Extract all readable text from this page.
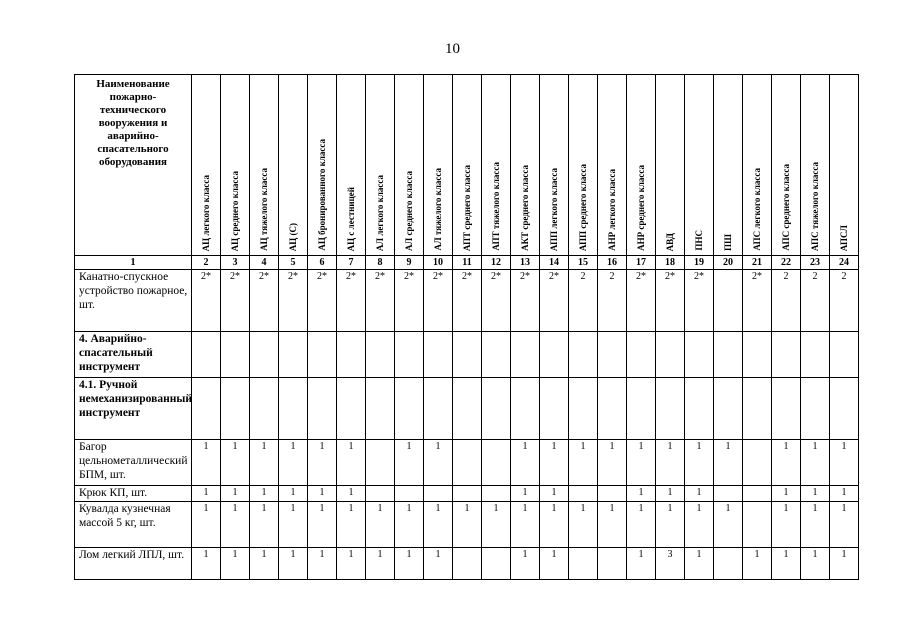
10
Наименование пожарно-технического вооружения и аварийно-спасательного оборудования	АЦ легкого класса	АЦ среднего класса	АЦ тяжелого класса	АЦ (С)	АЦ бронированного класса	АЦ с лестницей	АЛ легкого класса	АЛ среднего класса	АЛ тяжелого класса	АПТ среднего класса	АПТ тяжелого класса	АКТ среднего класса	АПП легкого класса	АПП среднего класса	АНР легкого класса	АНР среднего класса	АВД	ПНС	ПШ	АПС легкого класса	АПС среднего класса	АПС тяжелого класса	АПСЛ

1	2	3	4	5	6	7	8	9	10	11	12	13	14	15	16	17	18	19	20	21	22	23	24
Канатно-спускное устройство пожарное, шт.	2*	2*	2*	2*	2*	2*	2*	2*	2*	2*	2*	2*	2*	2	2	2*	2*	2*		2*	2	2	2
4. Аварийно-спасательный инструмент																							
4.1. Ручной немеханизированный инструмент																							
Багор цельнометаллический БПМ, шт.	1	1	1	1	1	1		1	1			1	1	1	1	1	1	1	1		1	1	1
Крюк КП, шт.	1	1	1	1	1	1						1	1			1	1	1			1	1	1
Кувалда кузнечная массой 5 кг, шт.	1	1	1	1	1	1	1	1	1	1	1	1	1	1	1	1	1	1	1		1	1	1
Лом легкий ЛПЛ, шт.	1	1	1	1	1	1	1	1	1			1	1			1	3	1		1	1	1	1
